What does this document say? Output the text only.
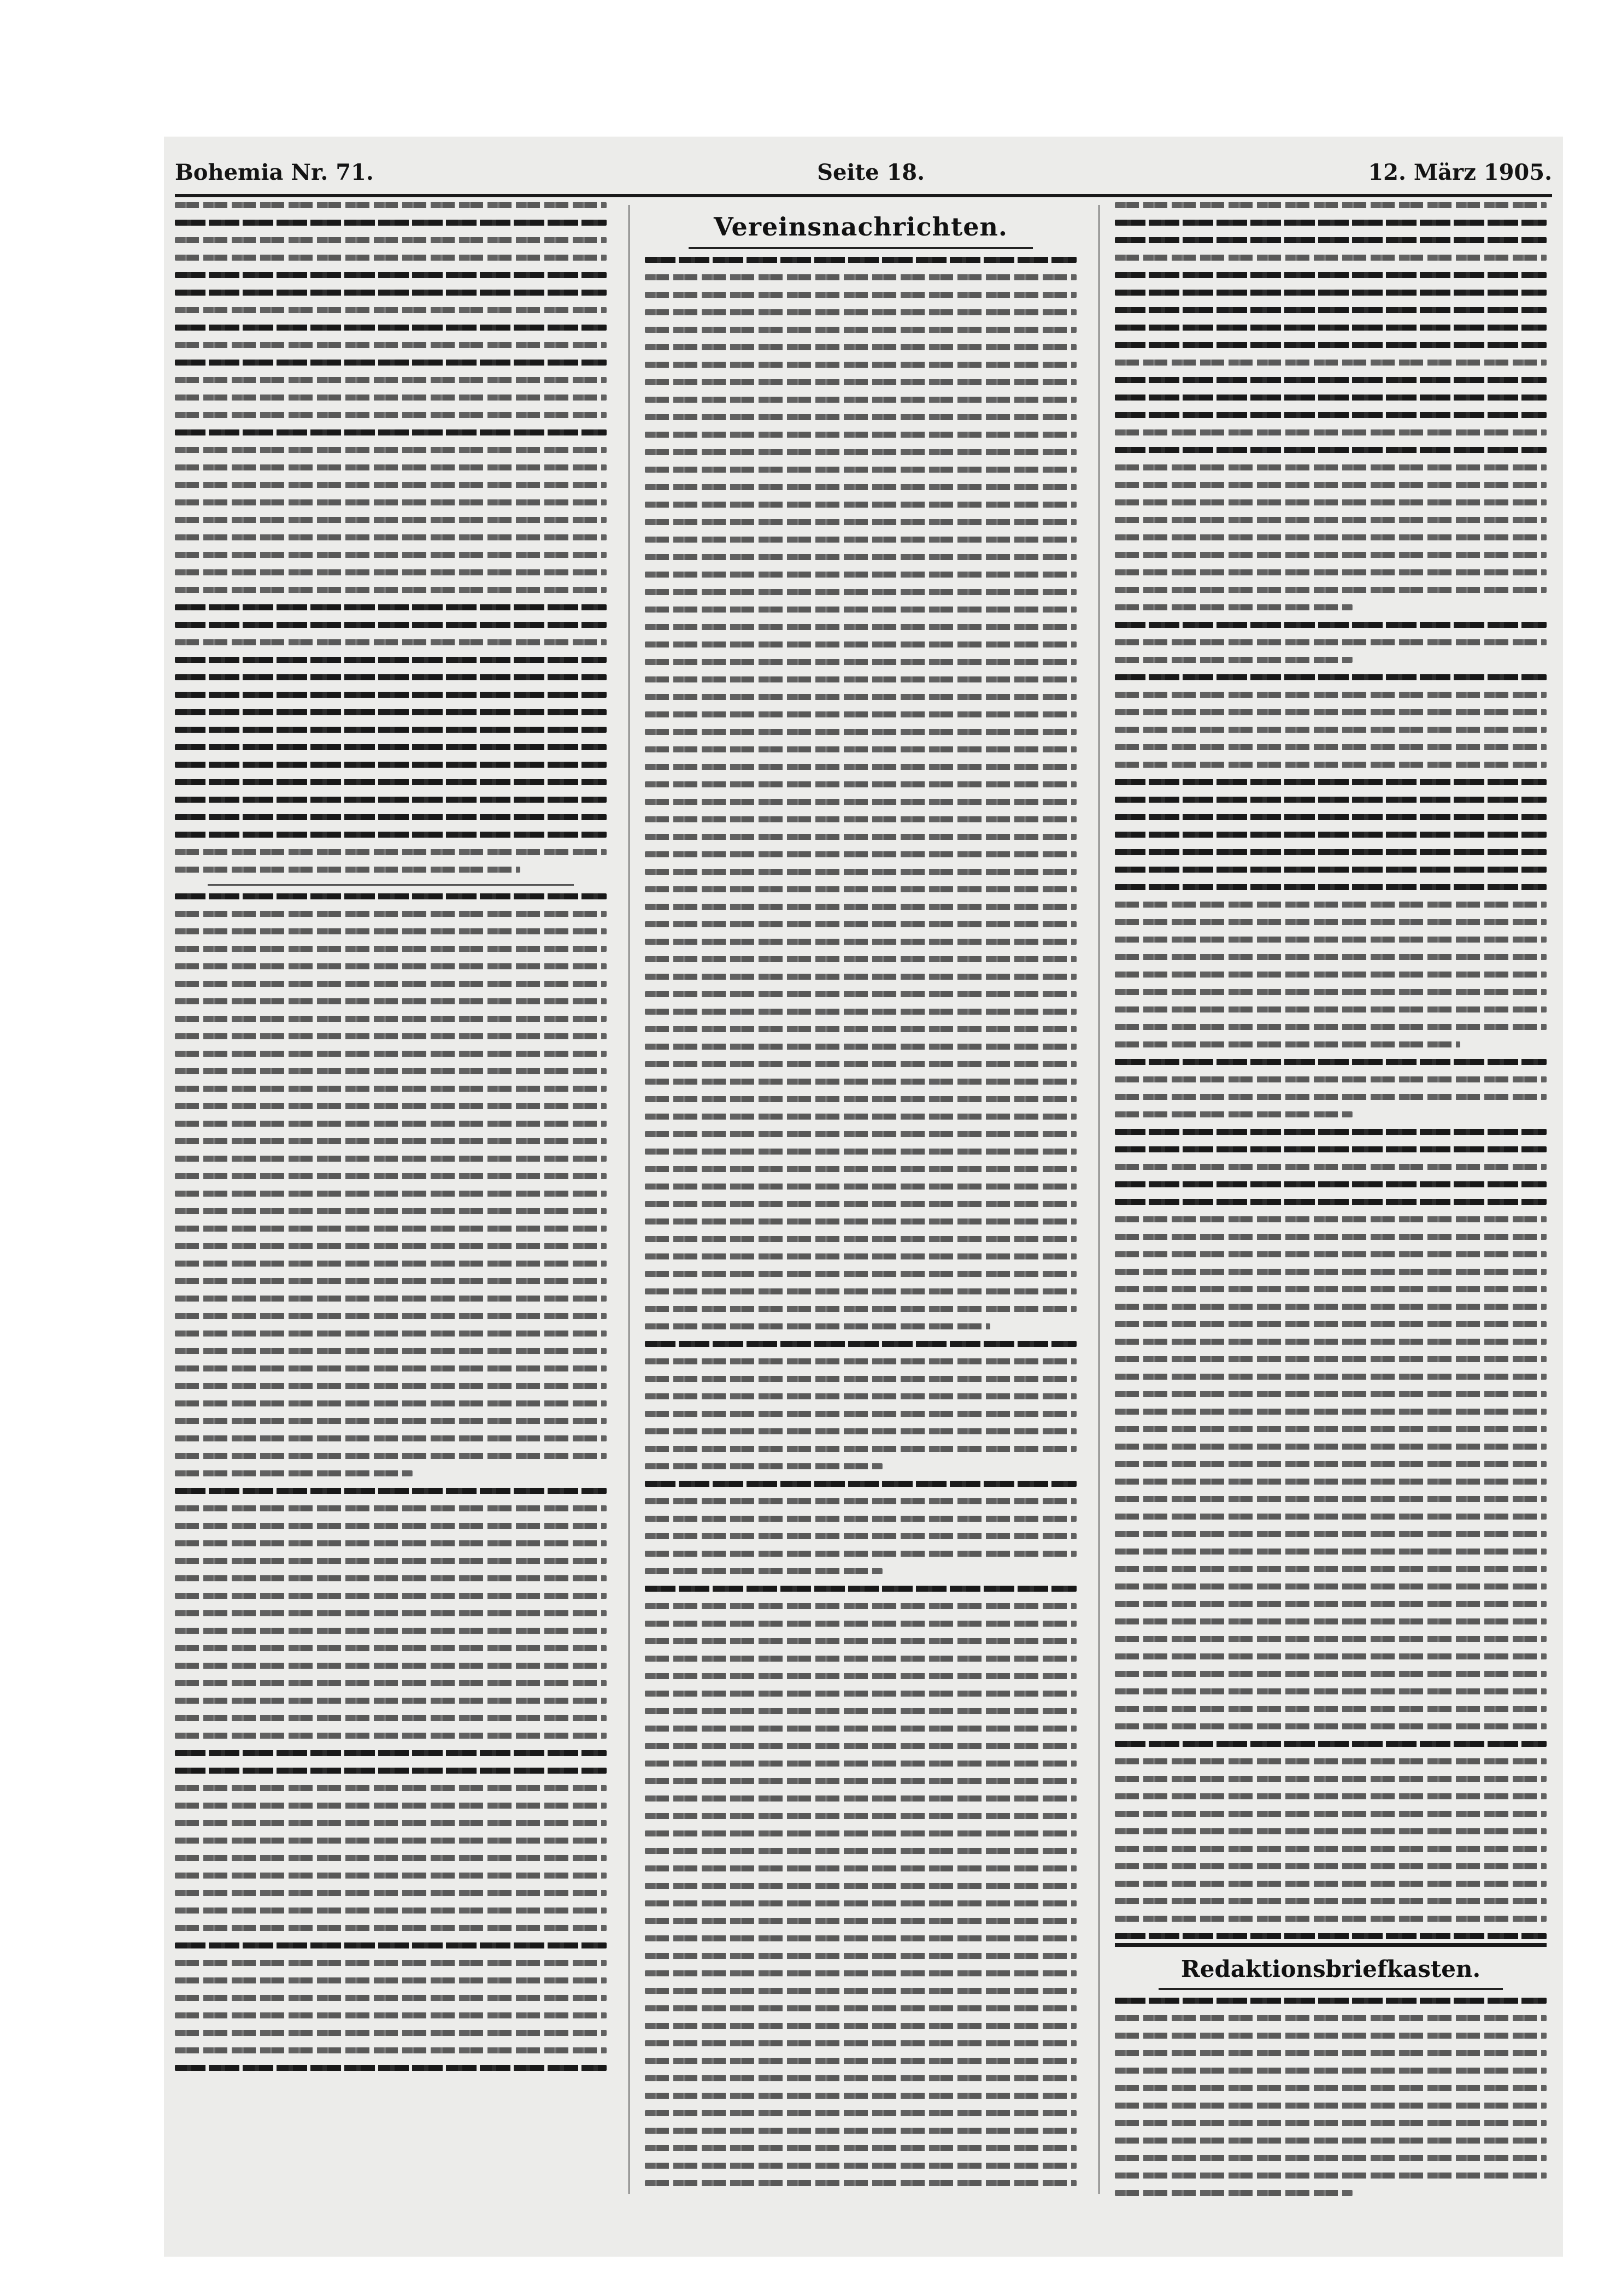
Bohemia Nr. 71.	Seite 18.	12. März 1905.
Vereinsnachrichten.
Redaktionsbriefkasten.
